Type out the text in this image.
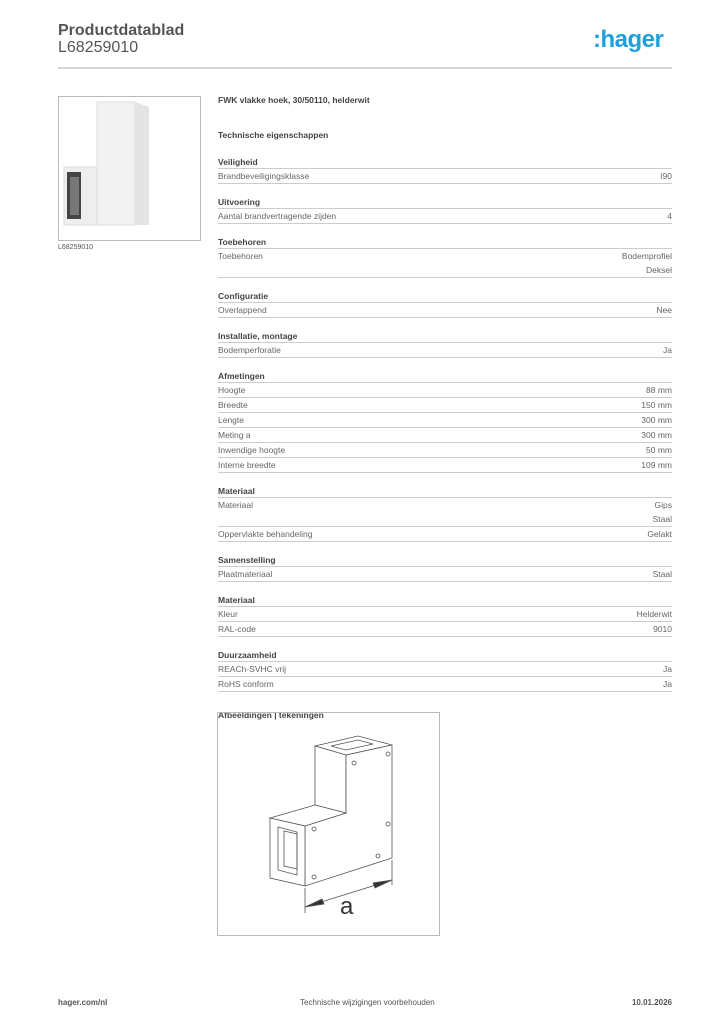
Productdatablad
L68259010	:hager
L68259010
FWK vlakke hoek, 30/50110, helderwit
Technische eigenschappen
Veiligheid
Brandbeveiligingsklasse	I90
Uitvoering
Aantal brandvertragende zijden	4
Toebehoren
Toebehoren	Bodemprofiel
Deksel
Configuratie
Overlappend	Nee
Installatie, montage
Bodemperforatie	Ja
Afmetingen
Hoogte	88 mm
Breedte	150 mm
Lengte	300 mm
Meting a	300 mm
Inwendige hoogte	50 mm
Interne breedte	109 mm
Materiaal
Materiaal	Gips
Staal
Oppervlakte behandeling	Gelakt
Samenstelling
Plaatmateriaal	Staal
Materiaal
Kleur	Helderwit
RAL-code	9010
Duurzaamheid
REACh-SVHC vrij	Ja
RoHS conform	Ja
Afbeeldingen | tekeningen
a
hager.com/nl	Technische wijzigingen voorbehouden	10.01.2026
